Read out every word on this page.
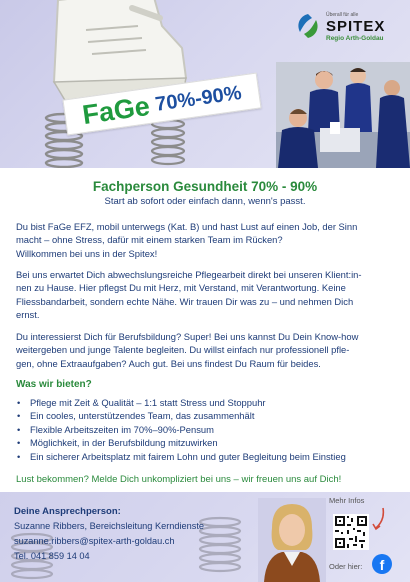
FaGe 70%-90%
Überall für alle
SPITEX
Regio Arth-Goldau
Fachperson Gesundheit 70% - 90%
Start ab sofort oder einfach dann, wenn's passt.

Du bist FaGe EFZ, mobil unterwegs (Kat. B) und hast Lust auf einen Job, der Sinn
macht – ohne Stress, dafür mit einem starken Team im Rücken?
Willkommen bei uns in der Spitex!

Bei uns erwartet Dich abwechslungsreiche Pflegearbeit direkt bei unseren Klient:in-
nen zu Hause. Hier pflegst Du mit Herz, mit Verstand, mit Verantwortung. Keine
Fliessbandarbeit, sondern echte Nähe. Wir trauen Dir was zu – und nehmen Dich
ernst.

Du interessierst Dich für Berufsbildung? Super! Bei uns kannst Du Dein Know-how
weitergeben und junge Talente begleiten. Du willst einfach nur professionell pfle-
gen, ohne Extraaufgaben? Auch gut. Bei uns findest Du Raum für beides.

Was wir bieten?
• Pflege mit Zeit & Qualität – 1:1 statt Stress und Stoppuhr
• Ein cooles, unterstützendes Team, das zusammenhält
• Flexible Arbeitszeiten im 70%–90%-Pensum
• Möglichkeit, in der Berufsbildung mitzuwirken
• Ein sicherer Arbeitsplatz mit fairem Lohn und guter Begleitung beim Einstieg
Lust bekommen? Melde Dich unkompliziert bei uns – wir freuen uns auf Dich!
Deine Ansprechperson:
Suzanne Ribbers, Bereichsleitung Kerndienste
suzanne.ribbers@spitex-arth-goldau.ch
Tel. 041 859 14 04
Mehr Infos
Oder hier:	f
